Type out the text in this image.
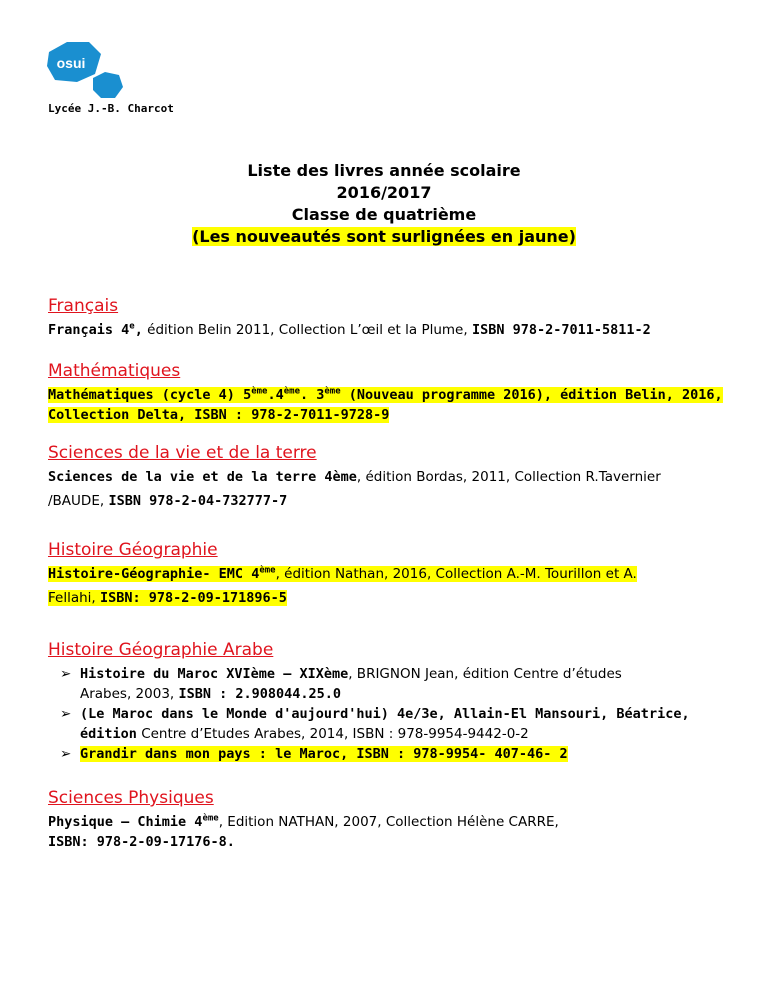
osui
Lycée J.-B. Charcot
Liste des livres année scolaire
2016/2017
Classe de quatrième
(Les nouveautés sont surlignées en jaune)
Français
Français 4e, édition Belin 2011, Collection L’œil et la Plume, ISBN 978-2-7011-5811-2
Mathématiques
Mathématiques (cycle 4) 5ème.4ème. 3ème (Nouveau programme 2016), édition Belin, 2016,
Collection Delta, ISBN : 978-2-7011-9728-9
Sciences de la vie et de la terre
Sciences de la vie et de la terre 4ème, édition Bordas, 2011, Collection R.Tavernier
/BAUDE, ISBN 978-2-04-732777-7
Histoire Géographie
Histoire-Géographie- EMC 4ème, édition Nathan, 2016, Collection A.-M. Tourillon et A.
Fellahi, ISBN: 978-2-09-171896-5
Histoire Géographie Arabe
➢ Histoire du Maroc XVIème – XIXème, BRIGNON Jean, édition Centre d’études
Arabes, 2003, ISBN : 2.908044.25.0
➢ (Le Maroc dans le Monde d'aujourd'hui) 4e/3e, Allain-El Mansouri, Béatrice,
édition Centre d’Etudes Arabes, 2014, ISBN : 978-9954-9442-0-2
➢ Grandir dans mon pays : le Maroc, ISBN : 978-9954- 407-46- 2
Sciences Physiques
Physique – Chimie 4ème, Edition NATHAN, 2007, Collection Hélène CARRE,
ISBN: 978-2-09-17176-8.
